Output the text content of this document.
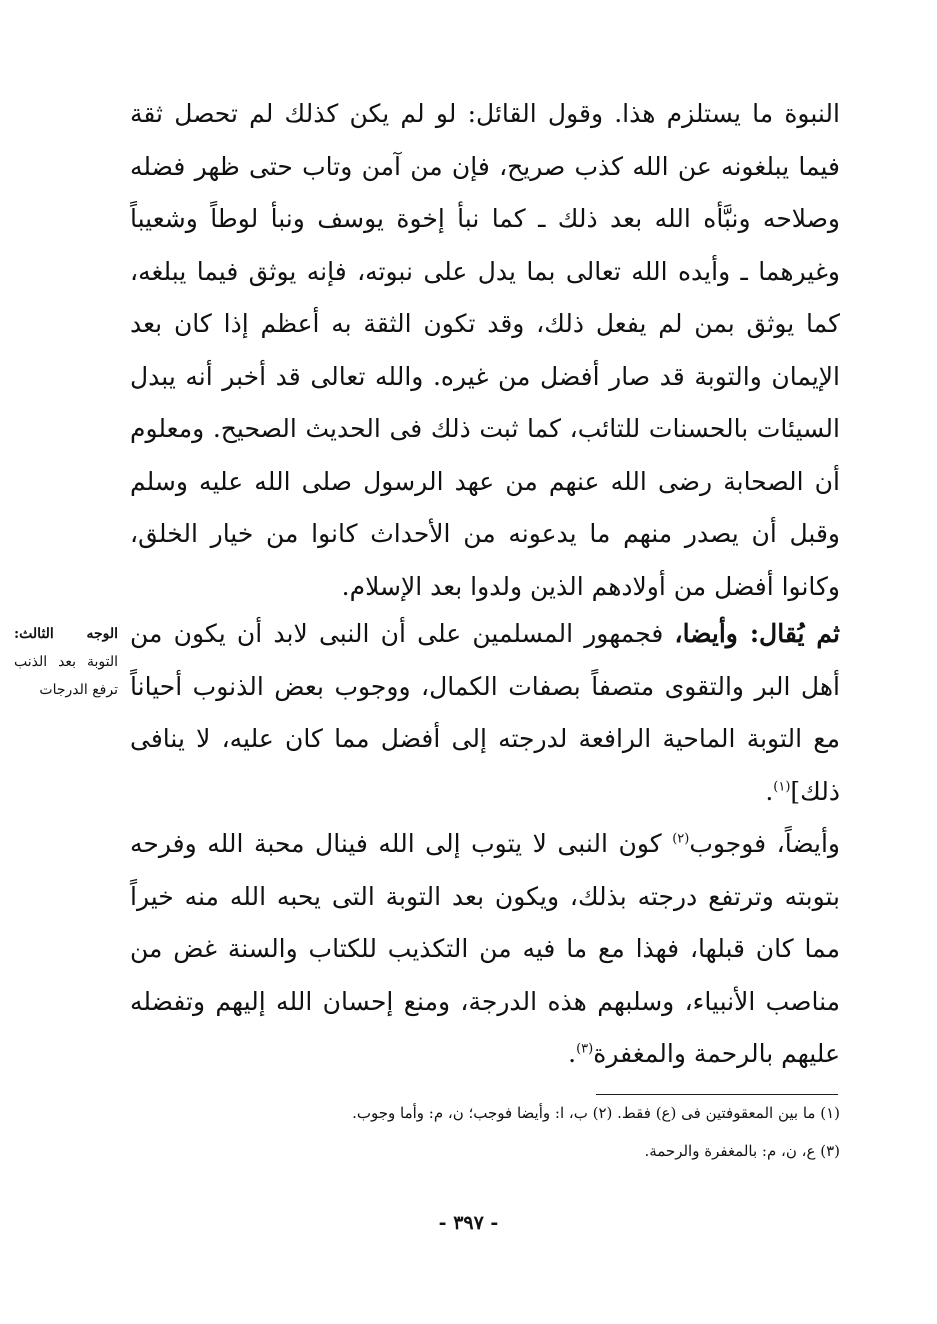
النبوة ما يستلزم هذا. وقول القائل: لو لم يكن كذلك لم تحصل ثقة فيما يبلغونه عن الله كذب صريح، فإن من آمن وتاب حتى ظهر فضله وصلاحه ونبَّأه الله بعد ذلك ـ كما نبأ إخوة يوسف ونبأ لوطاً وشعيباً وغيرهما ـ وأيده الله تعالى بما يدل على نبوته، فإنه يوثق فيما يبلغه، كما يوثق بمن لم يفعل ذلك، وقد تكون الثقة به أعظم إذا كان بعد الإيمان والتوبة قد صار أفضل من غيره. والله تعالى قد أخبر أنه يبدل السيئات بالحسنات للتائب، كما ثبت ذلك فى الحديث الصحيح. ومعلوم أن الصحابة رضى الله عنهم من عهد الرسول صلى الله عليه وسلم وقبل أن يصدر منهم ما يدعونه من الأحداث كانوا من خيار الخلق، وكانوا أفضل من أولادهم الذين ولدوا بعد الإسلام.

ثم يُقال: وأيضا، فجمهور المسلمين على أن النبى لابد أن يكون من أهل البر والتقوى متصفاً بصفات الكمال، ووجوب بعض الذنوب أحياناً مع التوبة الماحية الرافعة لدرجته إلى أفضل مما كان عليه، لا ينافى ذلك]$^{(١)}$.

وأيضاً، فوجوب$^{(٢)}$ كون النبى لا يتوب إلى الله فينال محبة الله وفرحه بتوبته وترتفع درجته بذلك، ويكون بعد التوبة التى يحبه الله منه خيراً مما كان قبلها، فهذا مع ما فيه من التكذيب للكتاب والسنة غض من مناصب الأنبياء، وسلبهم هذه الدرجة، ومنع إحسان الله إليهم وتفضله عليهم بالرحمة والمغفرة$^{(٣)}$.

الوجه الثالث: التوبة بعد الذنب ترفع الدرجات
(١) ما بين المعقوفتين فى (ع) فقط. (٢) ب، ا: وأيضا فوجب؛ ن، م: وأما وجوب.
(٣) ع، ن، م: بالمغفرة والرحمة.
- ٣٩٧ -
